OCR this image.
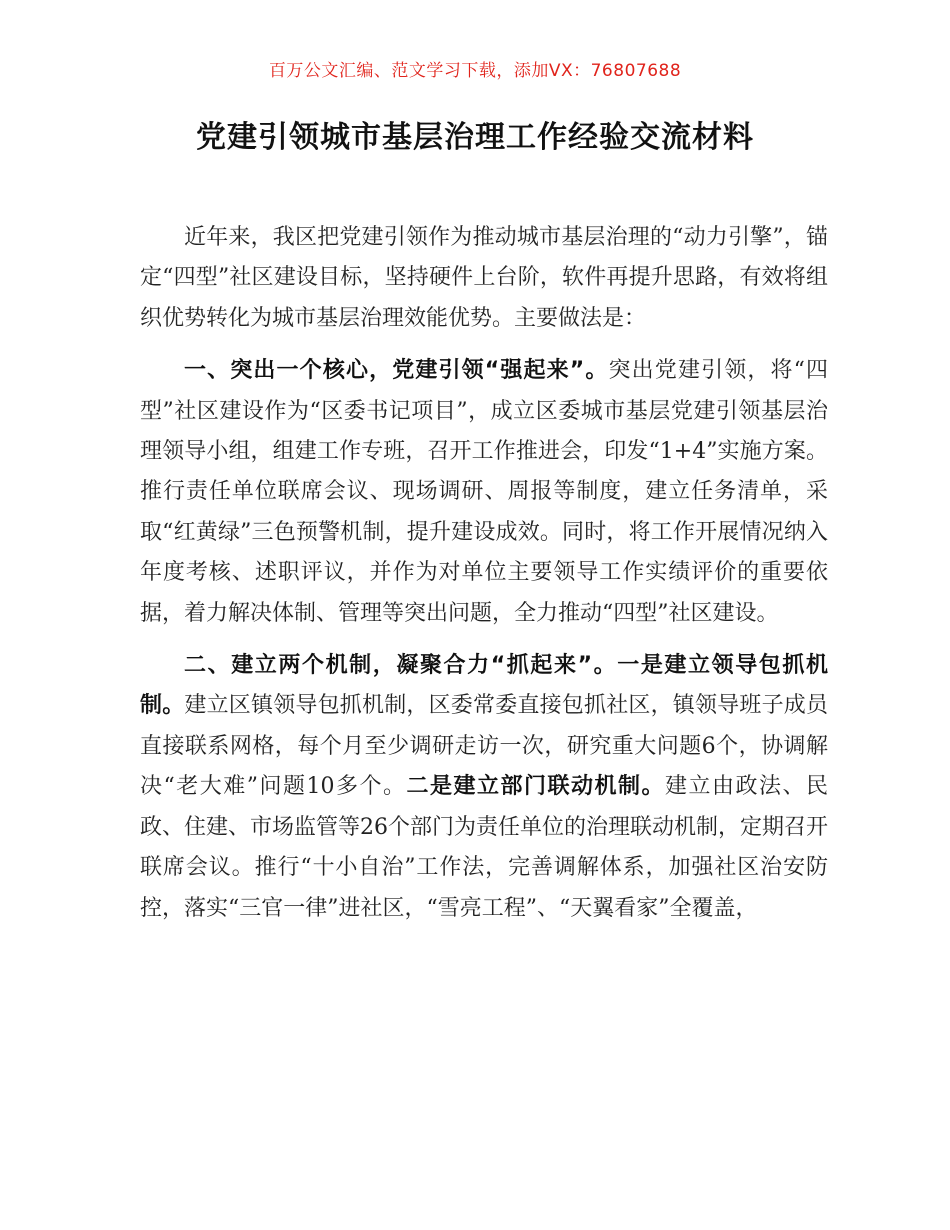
百万公文汇编、范文学习下载，添加VX：76807688
党建引领城市基层治理工作经验交流材料

近年来，我区把党建引领作为推动城市基层治理的“动力引擎”，锚定“四型”社区建设目标，坚持硬件上台阶，软件再提升思路，有效将组织优势转化为城市基层治理效能优势。主要做法是：

一、突出一个核心，党建引领“强起来”。突出党建引领，将“四型”社区建设作为“区委书记项目”，成立区委城市基层党建引领基层治理领导小组，组建工作专班，召开工作推进会，印发“1+4”实施方案。推行责任单位联席会议、现场调研、周报等制度，建立任务清单，采取“红黄绿”三色预警机制，提升建设成效。同时，将工作开展情况纳入年度考核、述职评议，并作为对单位主要领导工作实绩评价的重要依据，着力解决体制、管理等突出问题，全力推动“四型”社区建设。

二、建立两个机制，凝聚合力“抓起来”。一是建立领导包抓机制。建立区镇领导包抓机制，区委常委直接包抓社区，镇领导班子成员直接联系网格，每个月至少调研走访一次，研究重大问题6个，协调解决“老大难”问题10多个。二是建立部门联动机制。建立由政法、民政、住建、市场监管等26个部门为责任单位的治理联动机制，定期召开联席会议。推行“十小自治”工作法，完善调解体系，加强社区治安防控，落实“三官一律”进社区，“雪亮工程”、“天翼看家”全覆盖，
